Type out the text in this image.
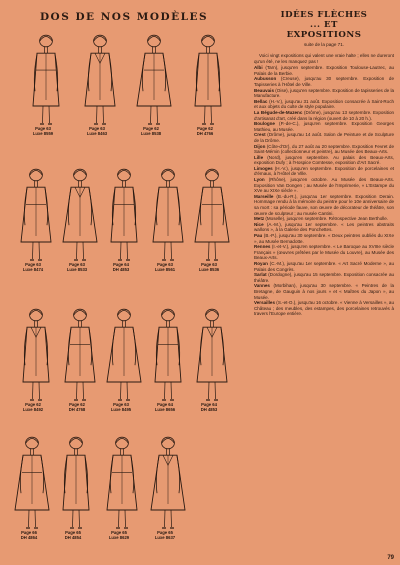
DOS DE NOS MODÈLES
Page 63
Luxe 8559
Page 63
Luxe 8463
Page 62
Luxe 8538
Page 62
DH 4766
Page 63
Luxe 8474
Page 63
Luxe 8533
Page 64
DH 4853
Page 63
Luxe 8561
Page 63
Luxe 8536
Page 62
Luxe 8492
Page 62
DH 4768
Page 63
Luxe 8495
Page 64
Luxe 8656
Page 64
DH 4853
Page 66
DH 4864
Page 65
DH 4854
Page 65
Luxe 8629
Page 65
Luxe 8637
IDÉES FLÈCHES
... ET
EXPOSITIONS
suite de la page 71.

Voici vingt expositions qui valent une vraie halte ; elles ne dureront qu'un été, ne les manquez pas !

Albi (Tarn), jusqu'en septembre. Exposition Toulouse-Lautrec, au Palais de la Berbie.

Aubusson (Creuse), jusqu'au 30 septembre. Exposition de Tapisseries à l'Hôtel de Ville.

Beauvais (Oise), jusqu'en septembre. Exposition de tapisseries de la Manufacture.

Bellac (H.-V.), jusqu'au 31 août. Exposition consacrée à Saint-Roch et aux objets du culte de style populaire.

La Bégude-de-Mazenc (Drôme), jusqu'au 13 septembre. Exposition d'artisanat d'art, créé dans la région (ouvert de 10 à 20 h.).

Boulogne (P.-de-C.), jusqu'en septembre. Exposition Georges Mathieu, au Musée.

Crest (Drôme), jusqu'au 14 août. Salon de Peinture et de Sculpture de la Drôme.

Dijon (Côte-d'Or), du 27 août au 20 septembre. Exposition Fevret de Saint-Mémin (collectionneur et peintre), au Musée des Beaux-Arts.

Lille (Nord), jusqu'en septembre. Au palais des Beaux-Arts, exposition Dufy ; à l'Hospice Comtesse, exposition d'Art Sacré.

Limoges (H.-V.), jusqu'en septembre. Exposition de porcelaines et d'émaux, à l'Hôtel de Ville.

Lyon (Rhône), jusqu'en octobre. Au Musée des Beaux-Arts. Exposition Van Dongen ; au Musée de l'Imprimerie, « L'Estampe du XVe au XIXe siècle ».

Marseille (B.-du-R.), jusqu'au 1er septembre. Exposition Derain. Hommage rendu à la mémoire du peintre pour le 10e anniversaire de sa mort : sa période fauve, son œuvre de décorateur de théâtre, son œuvre de sculpteur ; au musée Cantini.

Metz (Moselle), jusqu'en septembre. Rétrospective Jean Bertholle.

Nice (A.-M.), jusqu'au 1er septembre. « Les peintres abstraits wallons », à la Galerie des Ponchettes.

Pau (B.-P.), jusqu'au 30 septembre. « Deux peintres oubliés du XIXe », au Musée Bernadotte.

Rennes (I.-et-V.), jusqu'en septembre. « Le Baroque au XVIIIe siècle Français » (œuvres prêtées par le Musée du Louvre), au Musée des Beaux-Arts.

Royan (C.-M.), jusqu'au 1er septembre. « Art Sacré Moderne », au Palais des Congrès.

Sarlat (Dordogne), jusqu'au 15 septembre. Exposition consacrée au théâtre.

Vannes (Morbihan), jusqu'au 30 septembre. « Peintres de la Bretagne, de Gauguin à nos jours » et « Maîtres du Japon », au Musée.

Versailles (S.-et-O.), jusqu'au 16 octobre. « Vienne à Versailles », au Château ; des meubles, des estampes, des porcelaines retrouvés à travers l'Europe entière.

79
